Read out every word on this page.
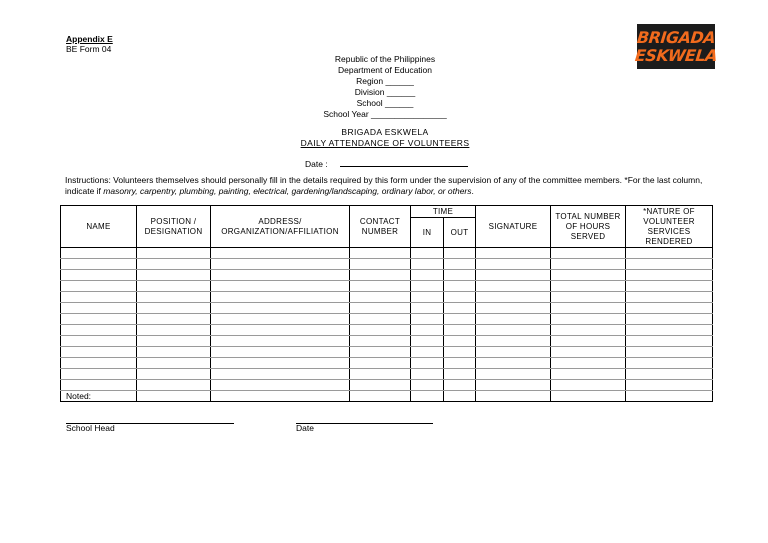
Appendix E
BE Form 04
Republic of the Philippines
Department of Education
Region ______
Division ______
School ______
School Year ________________
BRIGADA
ESKWELA
BRIGADA ESKWELA
DAILY ATTENDANCE OF VOLUNTEERS
Date :
Instructions: Volunteers themselves should personally fill in the details required by this form under the supervision of any of the committee members. *For the last column, indicate if masonry, carpentry, plumbing, painting, electrical, gardening/landscaping, ordinary labor, or others.
NAME	POSITION / DESIGNATION	ADDRESS/ ORGANIZATION/AFFILIATION	CONTACT NUMBER	TIME		SIGNATURE	TOTAL NUMBER OF HOURS SERVED	*NATURE OF VOLUNTEER SERVICES RENDERED
				IN	OUT			

Noted:
School Head	Date
